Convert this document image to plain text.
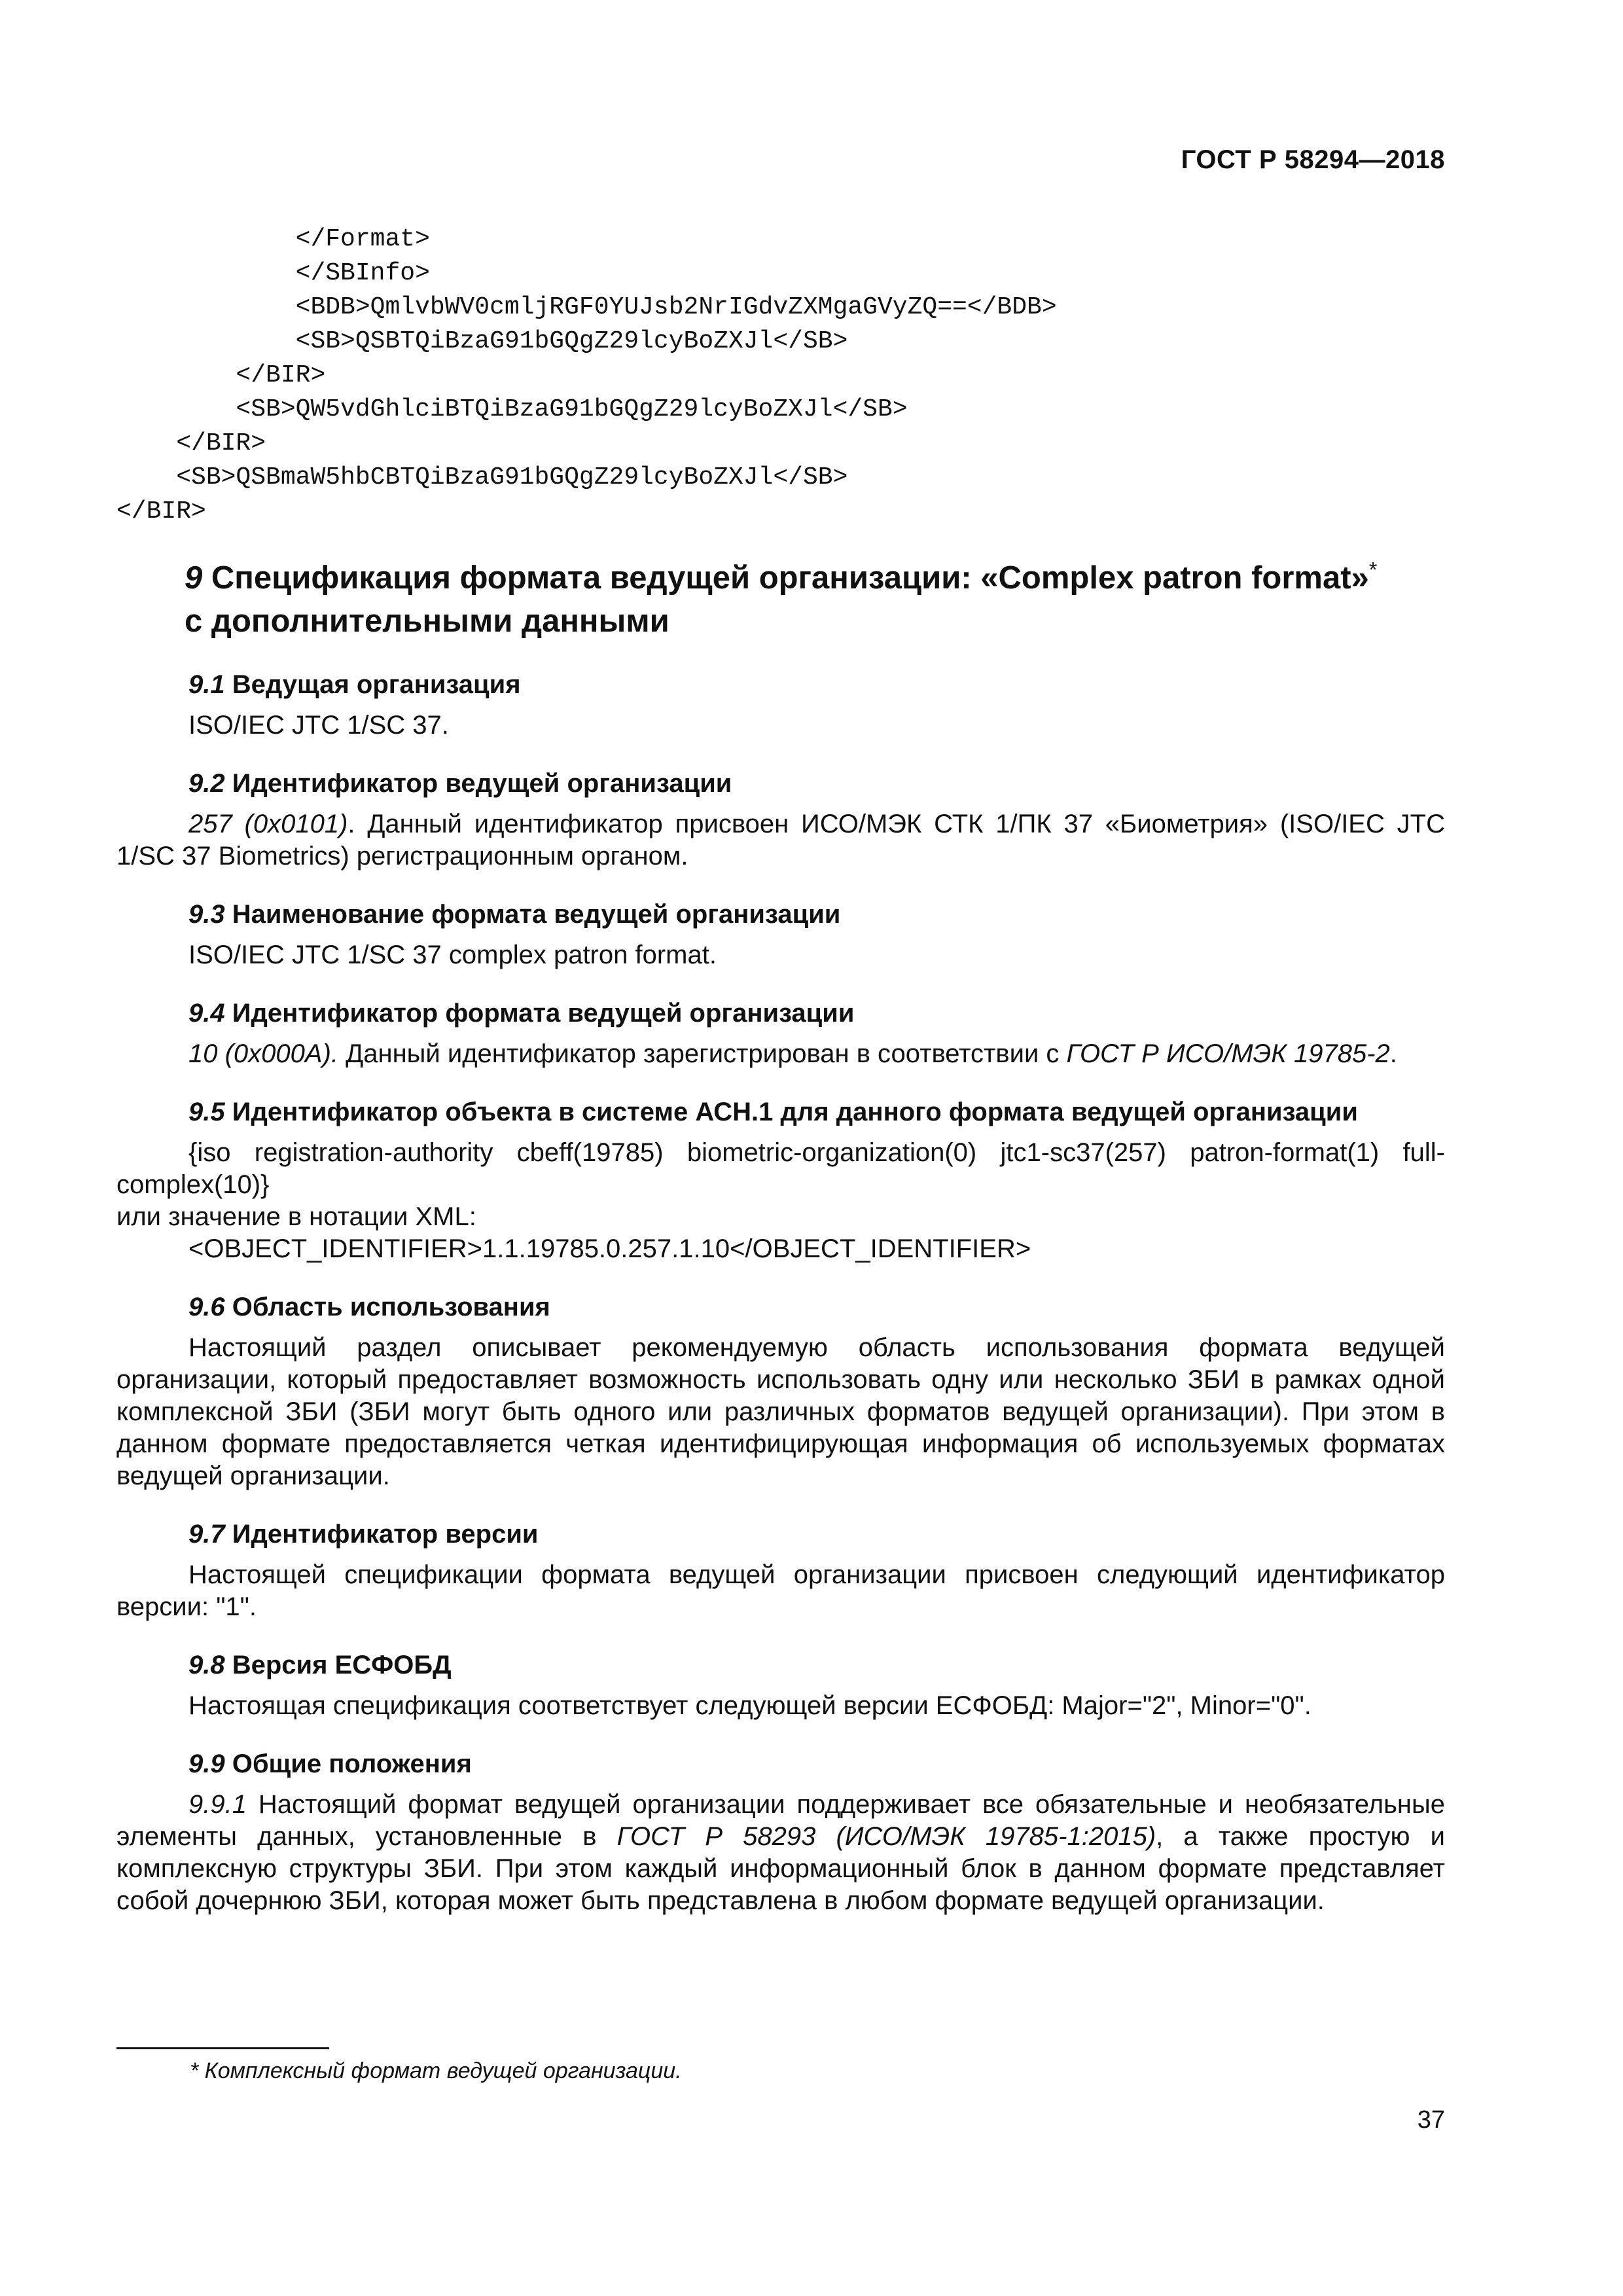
ГОСТ Р 58294—2018
</Format>
</SBInfo>
<BDB>QmlvbWV0cmljRGF0YUJsb2NrIGdvZXMgaGVyZQ==</BDB>
<SB>QSBTQiBzaG91bGQgZ29lcyBoZXJl</SB>
</BIR>
<SB>QW5vdGhlciBTQiBzaG91bGQgZ29lcyBoZXJl</SB>
</BIR>
<SB>QSBmaW5hbCBTQiBzaG91bGQgZ29lcyBoZXJl</SB>
</BIR>

9 Спецификация формата ведущей организации: «Complex patron format»*
с дополнительными данными
9.1 Ведущая организация

ISO/IEC JTC 1/SC 37.

9.2 Идентификатор ведущей организации

257 (0x0101). Данный идентификатор присвоен ИСО/МЭК СТК 1/ПК 37 «Биометрия» (ISO/IEC JTC 1/SC 37 Biometrics) регистрационным органом.

9.3 Наименование формата ведущей организации

ISO/IEC JTC 1/SC 37 complex patron format.

9.4 Идентификатор формата ведущей организации

10 (0x000A). Данный идентификатор зарегистрирован в соответствии с ГОСТ Р ИСО/МЭК 19785-2.

9.5 Идентификатор объекта в системе АСН.1 для данного формата ведущей организации

{iso registration-authority cbeff(19785) biometric-organization(0) jtc1-sc37(257) patron-format(1) full-complex(10)}

или значение в нотации XML:

<OBJECT_IDENTIFIER>1.1.19785.0.257.1.10</OBJECT_IDENTIFIER>

9.6 Область использования

Настоящий раздел описывает рекомендуемую область использования формата ведущей организации, который предоставляет возможность использовать одну или несколько ЗБИ в рамках одной комплексной ЗБИ (ЗБИ могут быть одного или различных форматов ведущей организации). При этом в данном формате предоставляется четкая идентифицирующая информация об используемых форматах ведущей организации.

9.7 Идентификатор версии

Настоящей спецификации формата ведущей организации присвоен следующий идентификатор версии: "1".

9.8 Версия ЕСФОБД

Настоящая спецификация соответствует следующей версии ЕСФОБД: Major="2", Minor="0".

9.9 Общие положения

9.9.1 Настоящий формат ведущей организации поддерживает все обязательные и необязательные элементы данных, установленные в ГОСТ Р 58293 (ИСО/МЭК 19785-1:2015), а также простую и комплексную структуры ЗБИ. При этом каждый информационный блок в данном формате представляет собой дочернюю ЗБИ, которая может быть представлена в любом формате ведущей организации.

* Комплексный формат ведущей организации.
37
